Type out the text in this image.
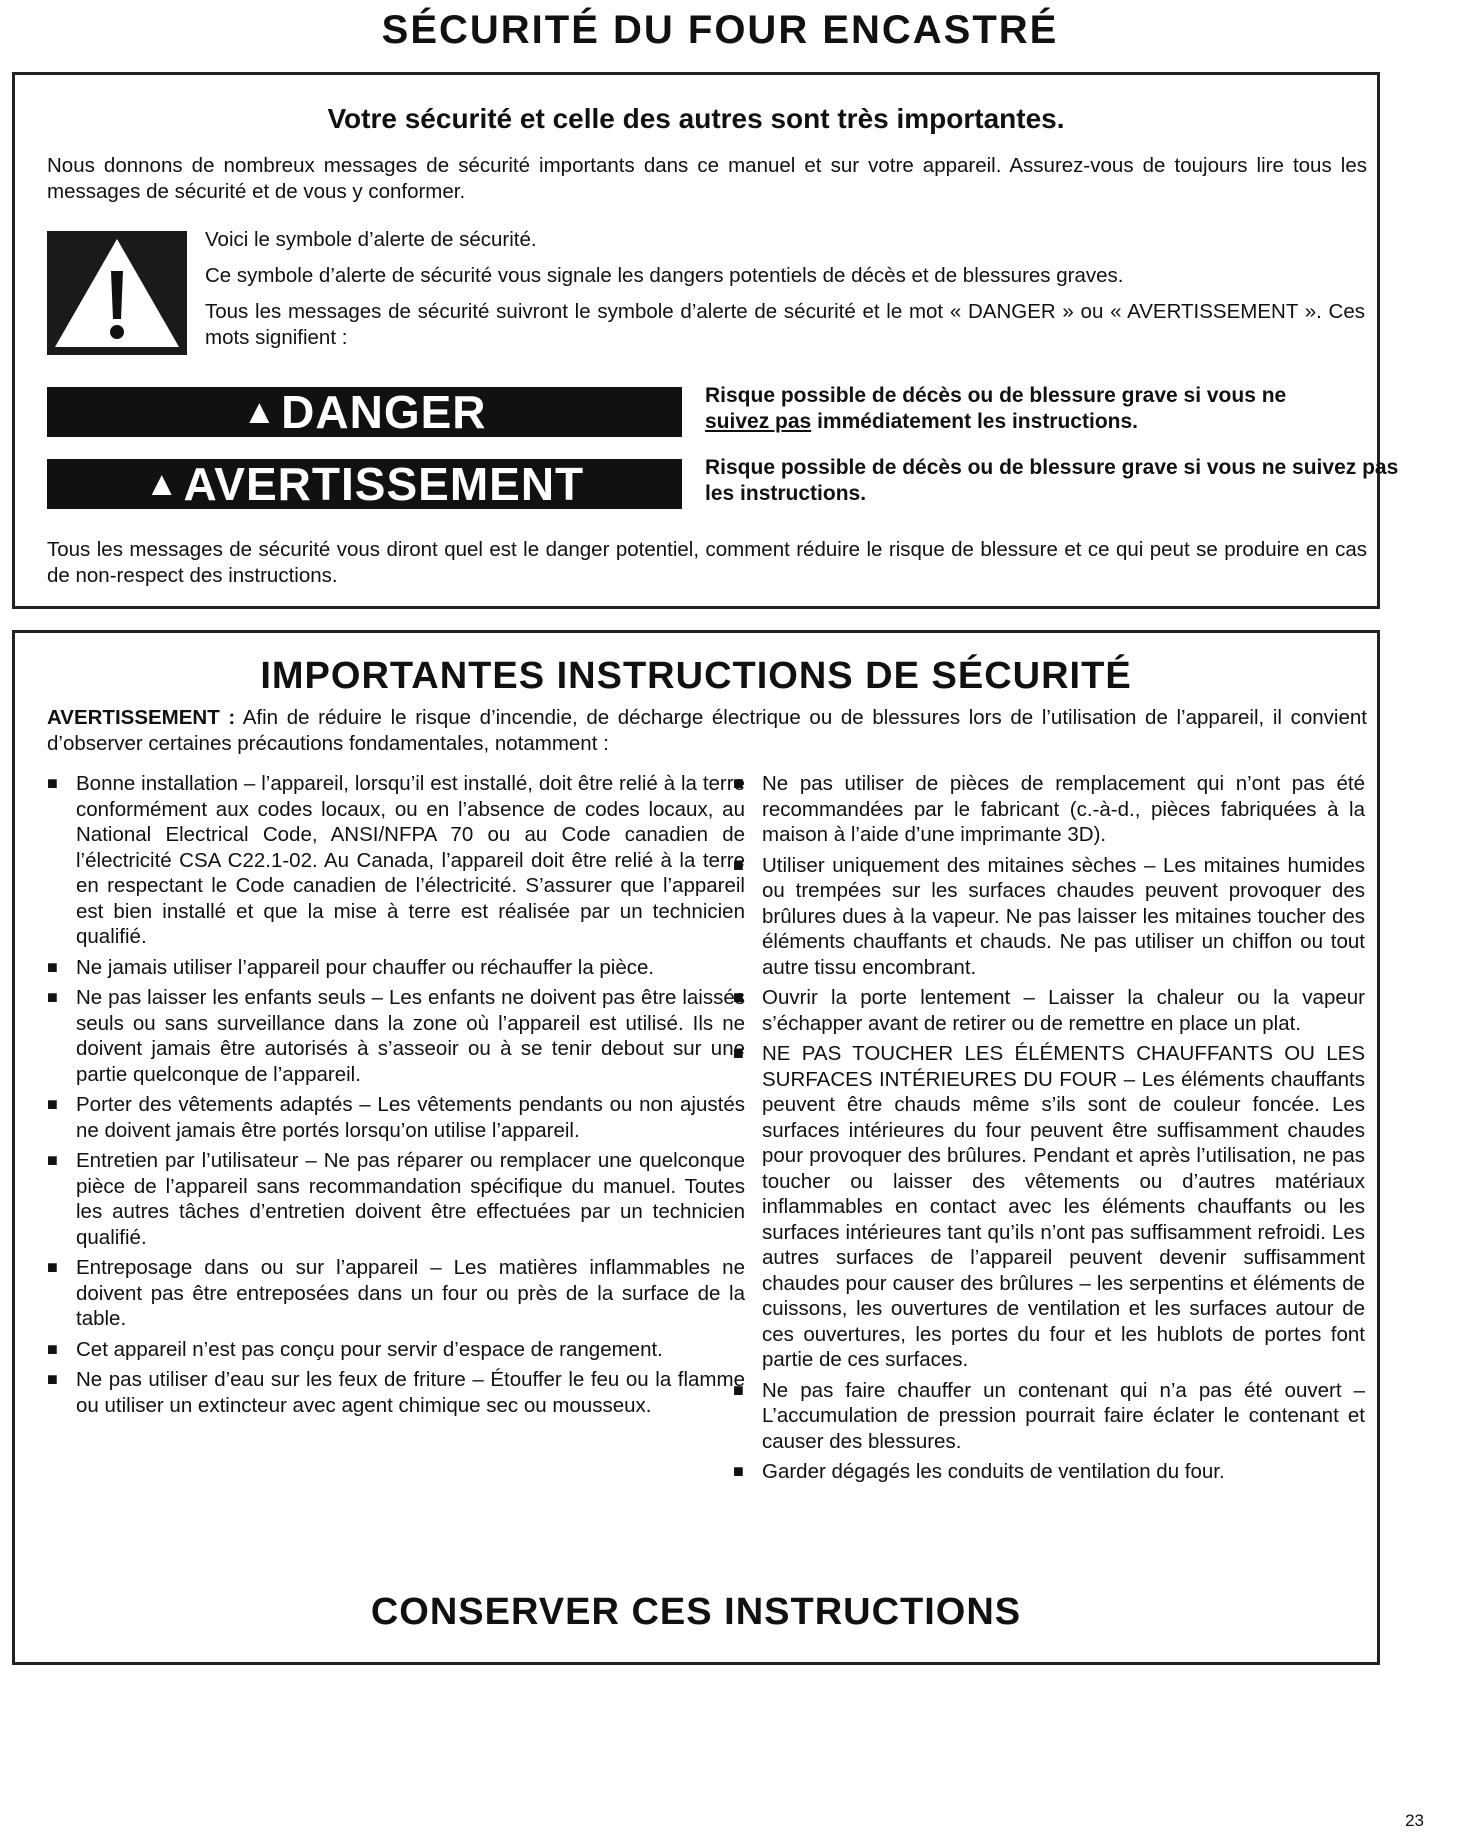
SÉCURITÉ DU FOUR ENCASTRÉ
Votre sécurité et celle des autres sont très importantes.

Nous donnons de nombreux messages de sécurité importants dans ce manuel et sur votre appareil. Assurez-vous de toujours lire tous les messages de sécurité et de vous y conformer.

Voici le symbole d’alerte de sécurité.

Ce symbole d’alerte de sécurité vous signale les dangers potentiels de décès et de blessures graves.

Tous les messages de sécurité suivront le symbole d’alerte de sécurité et le mot « DANGER » ou « AVERTISSEMENT ». Ces mots signifient :

▲ DANGER	Risque possible de décès ou de blessure grave si vous ne
suivez pas immédiatement les instructions.
▲ AVERTISSEMENT	Risque possible de décès ou de blessure grave si vous ne suivez pas les instructions.

Tous les messages de sécurité vous diront quel est le danger potentiel, comment réduire le risque de blessure et ce qui peut se produire en cas de non-respect des instructions.

IMPORTANTES INSTRUCTIONS DE SÉCURITÉ

AVERTISSEMENT : Afin de réduire le risque d’incendie, de décharge électrique ou de blessures lors de l’utilisation de l’appareil, il convient d’observer certaines précautions fondamentales, notamment :

■ Bonne installation – l’appareil, lorsqu’il est installé, doit être relié à la terre conformément aux codes locaux, ou en l’absence de codes locaux, au National Electrical Code, ANSI/NFPA 70 ou au Code canadien de l’électricité CSA C22.1-02. Au Canada, l’appareil doit être relié à la terre en respectant le Code canadien de l’électricité. S’assurer que l’appareil est bien installé et que la mise à terre est réalisée par un technicien qualifié.
■ Ne jamais utiliser l’appareil pour chauffer ou réchauffer la pièce.
■ Ne pas laisser les enfants seuls – Les enfants ne doivent pas être laissés seuls ou sans surveillance dans la zone où l’appareil est utilisé. Ils ne doivent jamais être autorisés à s’asseoir ou à se tenir debout sur une partie quelconque de l’appareil.
■ Porter des vêtements adaptés – Les vêtements pendants ou non ajustés ne doivent jamais être portés lorsqu’on utilise l’appareil.
■ Entretien par l’utilisateur – Ne pas réparer ou remplacer une quelconque pièce de l’appareil sans recommandation spécifique du manuel. Toutes les autres tâches d’entretien doivent être effectuées par un technicien qualifié.
■ Entreposage dans ou sur l’appareil – Les matières inflammables ne doivent pas être entreposées dans un four ou près de la surface de la table.
■ Cet appareil n’est pas conçu pour servir d’espace de rangement.
■ Ne pas utiliser d’eau sur les feux de friture – Étouffer le feu ou la flamme ou utiliser un extincteur avec agent chimique sec ou mousseux.
■ Ne pas utiliser de pièces de remplacement qui n’ont pas été recommandées par le fabricant (c.-à-d., pièces fabriquées à la maison à l’aide d’une imprimante 3D).
■ Utiliser uniquement des mitaines sèches – Les mitaines humides ou trempées sur les surfaces chaudes peuvent provoquer des brûlures dues à la vapeur. Ne pas laisser les mitaines toucher des éléments chauffants et chauds. Ne pas utiliser un chiffon ou tout autre tissu encombrant.
■ Ouvrir la porte lentement – Laisser la chaleur ou la vapeur s’échapper avant de retirer ou de remettre en place un plat.
■ NE PAS TOUCHER LES ÉLÉMENTS CHAUFFANTS OU LES SURFACES INTÉRIEURES DU FOUR – Les éléments chauffants peuvent être chauds même s’ils sont de couleur foncée. Les surfaces intérieures du four peuvent être suffisamment chaudes pour provoquer des brûlures. Pendant et après l’utilisation, ne pas toucher ou laisser des vêtements ou d’autres matériaux inflammables en contact avec les éléments chauffants ou les surfaces intérieures tant qu’ils n’ont pas suffisamment refroidi. Les autres surfaces de l’appareil peuvent devenir suffisamment chaudes pour causer des brûlures – les serpentins et éléments de cuissons, les ouvertures de ventilation et les surfaces autour de ces ouvertures, les portes du four et les hublots de portes font partie de ces surfaces.
■ Ne pas faire chauffer un contenant qui n’a pas été ouvert – L’accumulation de pression pourrait faire éclater le contenant et causer des blessures.
■ Garder dégagés les conduits de ventilation du four.
CONSERVER CES INSTRUCTIONS
23
